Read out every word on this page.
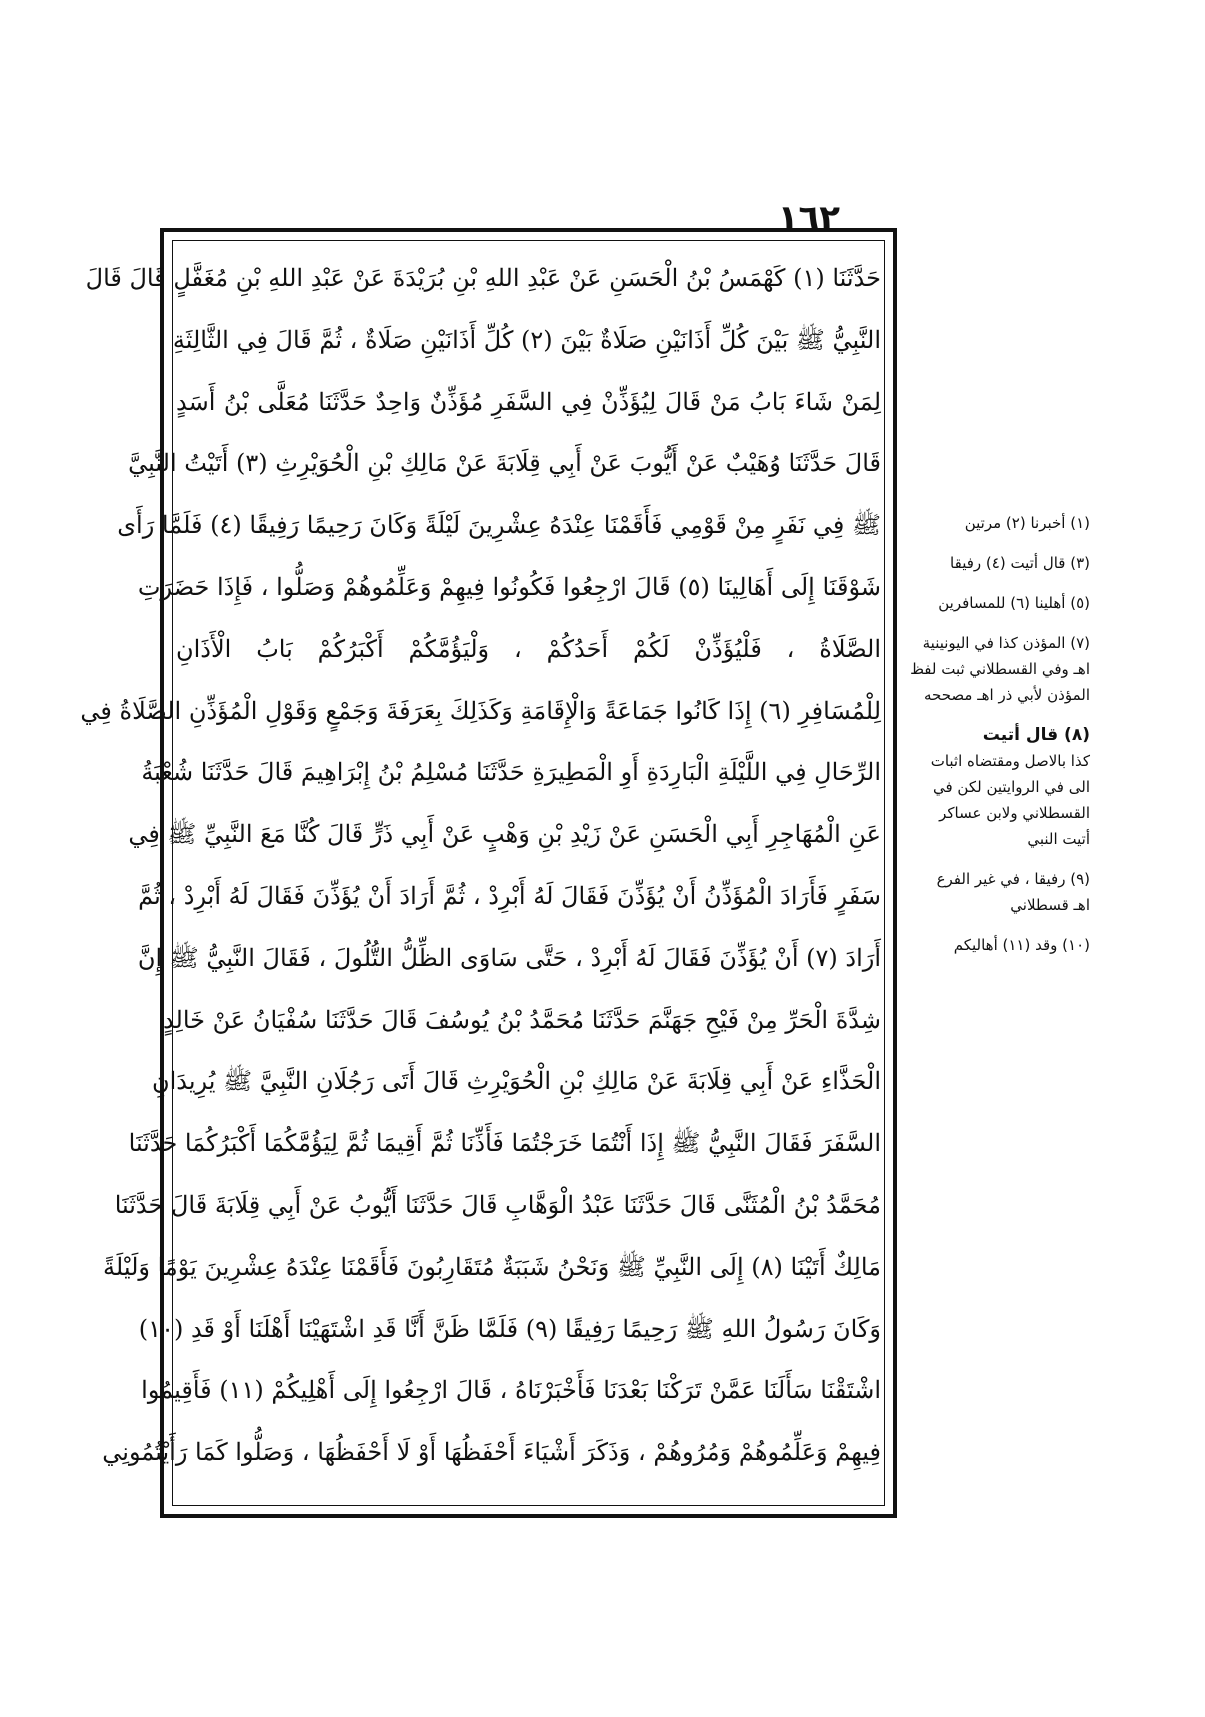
١٦٢
حَدَّثَنَا (١) كَهْمَسُ بْنُ الْحَسَنِ عَنْ عَبْدِ اللهِ بْنِ بُرَيْدَةَ عَنْ عَبْدِ اللهِ بْنِ مُغَفَّلٍ قَالَ قَالَ
النَّبِيُّ ﷺ بَيْنَ كُلِّ أَذَانَيْنِ صَلَاةٌ بَيْنَ (٢) كُلِّ أَذَانَيْنِ صَلَاةٌ ، ثُمَّ قَالَ فِي الثَّالِثَةِ
لِمَنْ شَاءَ بَابُ مَنْ قَالَ لِيُؤَذِّنْ فِي السَّفَرِ مُؤَذِّنٌ وَاحِدٌ حَدَّثَنَا مُعَلَّى بْنُ أَسَدٍ
قَالَ حَدَّثَنَا وُهَيْبٌ عَنْ أَيُّوبَ عَنْ أَبِي قِلَابَةَ عَنْ مَالِكِ بْنِ الْحُوَيْرِثِ (٣) أَتَيْتُ النَّبِيَّ
ﷺ فِي نَفَرٍ مِنْ قَوْمِي فَأَقَمْنَا عِنْدَهُ عِشْرِينَ لَيْلَةً وَكَانَ رَحِيمًا رَفِيقًا (٤) فَلَمَّا رَأَى
شَوْقَنَا إِلَى أَهَالِينَا (٥) قَالَ ارْجِعُوا فَكُونُوا فِيهِمْ وَعَلِّمُوهُمْ وَصَلُّوا ، فَإِذَا حَضَرَتِ
الصَّلَاةُ ، فَلْيُؤَذِّنْ لَكُمْ أَحَدُكُمْ ، وَلْيَؤُمَّكُمْ أَكْبَرُكُمْ بَابُ الْأَذَانِ
لِلْمُسَافِرِ (٦) إِذَا كَانُوا جَمَاعَةً وَالْإِقَامَةِ وَكَذَلِكَ بِعَرَفَةَ وَجَمْعٍ وَقَوْلِ الْمُؤَذِّنِ الصَّلَاةُ فِي
الرِّحَالِ فِي اللَّيْلَةِ الْبَارِدَةِ أَوِ الْمَطِيرَةِ حَدَّثَنَا مُسْلِمُ بْنُ إِبْرَاهِيمَ قَالَ حَدَّثَنَا شُعْبَةُ
عَنِ الْمُهَاجِرِ أَبِي الْحَسَنِ عَنْ زَيْدِ بْنِ وَهْبٍ عَنْ أَبِي ذَرٍّ قَالَ كُنَّا مَعَ النَّبِيِّ ﷺ فِي
سَفَرٍ فَأَرَادَ الْمُؤَذِّنُ أَنْ يُؤَذِّنَ فَقَالَ لَهُ أَبْرِدْ ، ثُمَّ أَرَادَ أَنْ يُؤَذِّنَ فَقَالَ لَهُ أَبْرِدْ ، ثُمَّ
أَرَادَ (٧) أَنْ يُؤَذِّنَ فَقَالَ لَهُ أَبْرِدْ ، حَتَّى سَاوَى الظِّلُّ التُّلُولَ ، فَقَالَ النَّبِيُّ ﷺ إِنَّ
شِدَّةَ الْحَرِّ مِنْ فَيْحِ جَهَنَّمَ حَدَّثَنَا مُحَمَّدُ بْنُ يُوسُفَ قَالَ حَدَّثَنَا سُفْيَانُ عَنْ خَالِدٍ
الْحَذَّاءِ عَنْ أَبِي قِلَابَةَ عَنْ مَالِكِ بْنِ الْحُوَيْرِثِ قَالَ أَتَى رَجُلَانِ النَّبِيَّ ﷺ يُرِيدَانِ
السَّفَرَ فَقَالَ النَّبِيُّ ﷺ إِذَا أَنْتُمَا خَرَجْتُمَا فَأَذِّنَا ثُمَّ أَقِيمَا ثُمَّ لِيَؤُمَّكُمَا أَكْبَرُكُمَا حَدَّثَنَا
مُحَمَّدُ بْنُ الْمُثَنَّى قَالَ حَدَّثَنَا عَبْدُ الْوَهَّابِ قَالَ حَدَّثَنَا أَيُّوبُ عَنْ أَبِي قِلَابَةَ قَالَ حَدَّثَنَا
مَالِكٌ أَتَيْنَا (٨) إِلَى النَّبِيِّ ﷺ وَنَحْنُ شَبَبَةٌ مُتَقَارِبُونَ فَأَقَمْنَا عِنْدَهُ عِشْرِينَ يَوْمًا وَلَيْلَةً
وَكَانَ رَسُولُ اللهِ ﷺ رَحِيمًا رَفِيقًا (٩) فَلَمَّا ظَنَّ أَنَّا قَدِ اشْتَهَيْنَا أَهْلَنَا أَوْ قَدِ (١٠)
اشْتَقْنَا سَأَلَنَا عَمَّنْ تَرَكْنَا بَعْدَنَا فَأَخْبَرْنَاهُ ، قَالَ ارْجِعُوا إِلَى أَهْلِيكُمْ (١١) فَأَقِيمُوا
فِيهِمْ وَعَلِّمُوهُمْ وَمُرُوهُمْ ، وَذَكَرَ أَشْيَاءَ أَحْفَظُهَا أَوْ لَا أَحْفَظُهَا ، وَصَلُّوا كَمَا رَأَيْتُمُونِي
(١) أخبرنا (٢) مرتين
(٣) قال أتيت (٤) رفيقا
(٥) أهلينا (٦) للمسافرين
(٧) المؤذن كذا في اليونينية
اهـ وفي القسطلاني ثبت لفظ
المؤذن لأبي ذر اهـ مصححه
(٨) قال أتيت
كذا بالاصل ومقتضاه اثبات
الى في الروايتين لكن في
القسطلاني ولابن عساكر
أتيت النبي
(٩) رفيقا ، في غير الفرع
اهـ قسطلاني
(١٠) وقد (١١) أهاليكم
